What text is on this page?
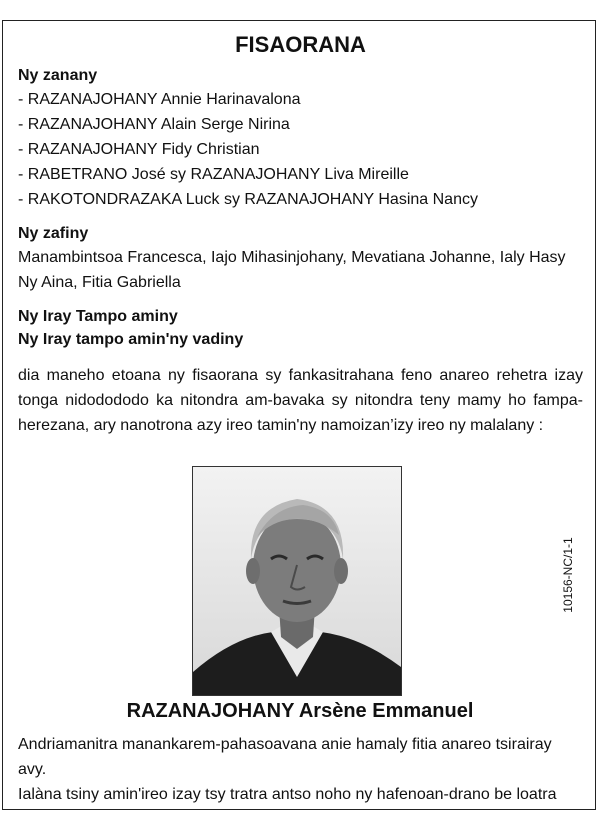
FISAORANA
Ny zanany
- RAZANAJOHANY Annie Harinavalona
- RAZANAJOHANY Alain Serge Nirina
- RAZANAJOHANY Fidy Christian
- RABETRANO José sy RAZANAJOHANY Liva Mireille
- RAKOTONDRAZAKA Luck sy RAZANAJOHANY Hasina Nancy
Ny zafiny
Manambintsoa Francesca, Iajo Mihasinjohany, Mevatiana Johanne, Ialy Hasy Ny Aina, Fitia Gabriella
Ny Iray Tampo aminy
Ny Iray tampo amin'ny vadiny
dia maneho etoana ny fisaorana sy fankasitrahana feno anareo rehetra izay tonga nidodododo ka nitondra am-bavaka sy nitondra teny mamy ho fampa-herezana, ary nanotrona azy ireo tamin'ny namoizan’izy ireo ny malalany :
RAZANAJOHANY Arsène Emmanuel
Andriamanitra manankarem-pahasoavana anie hamaly fitia anareo tsirairay avy.
Ialàna tsiny amin'ireo izay tsy tratra antso noho ny hafenoan-drano be loatra
10156-NC/1-1
